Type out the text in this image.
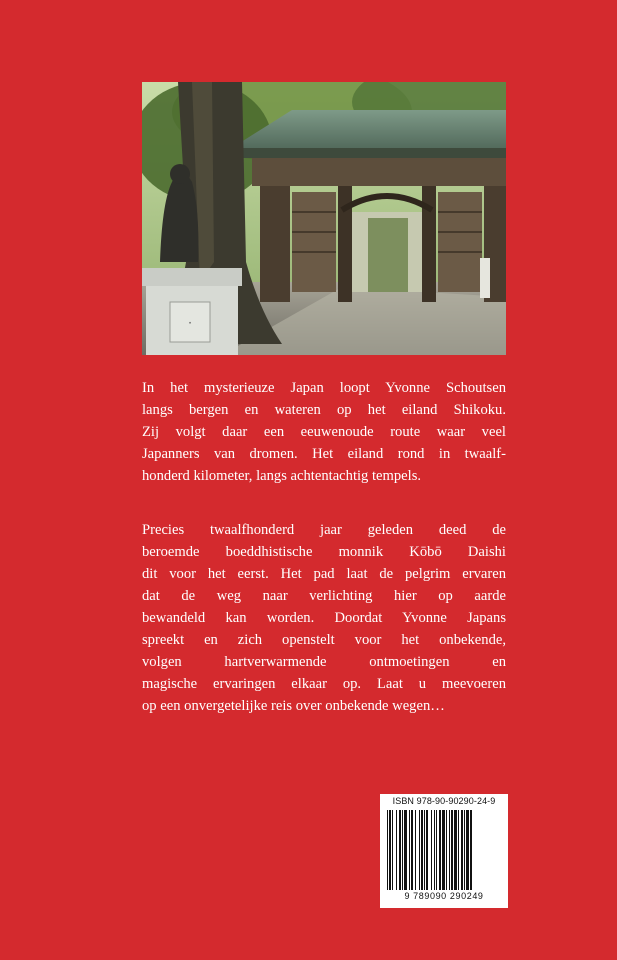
·

In het mysterieuze Japan loopt Yvonne Schoutsen
langs bergen en wateren op het eiland Shikoku.
Zij volgt daar een eeuwenoude route waar veel
Japanners van dromen. Het eiland rond in twaalf-
honderd kilometer, langs achtentachtig tempels.

Precies twaalfhonderd jaar geleden deed de
beroemde boeddhistische monnik Kōbō Daishi
dit voor het eerst. Het pad laat de pelgrim ervaren
dat de weg naar verlichting hier op aarde
bewandeld kan worden. Doordat Yvonne Japans
spreekt en zich openstelt voor het onbekende,
volgen hartverwarmende ontmoetingen en
magische ervaringen elkaar op. Laat u meevoeren
op een onvergetelijke reis over onbekende wegen…

ISBN 978-90-90290-24-9
9 789090 290249
